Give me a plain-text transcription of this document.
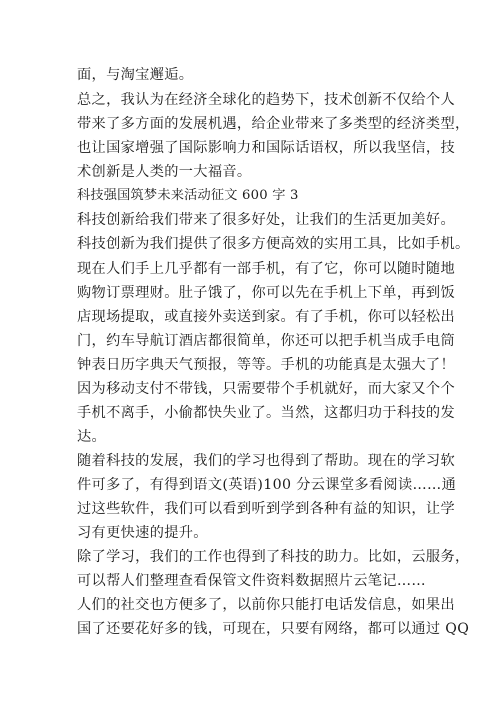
面，与淘宝邂逅。
总之，我认为在经济全球化的趋势下，技术创新不仅给个人
带来了多方面的发展机遇，给企业带来了多类型的经济类型，
也让国家增强了国际影响力和国际话语权，所以我坚信，技
术创新是人类的一大福音。
科技强国筑梦未来活动征文 600 字 3
科技创新给我们带来了很多好处，让我们的生活更加美好。
科技创新为我们提供了很多方便高效的实用工具，比如手机。
现在人们手上几乎都有一部手机，有了它，你可以随时随地
购物订票理财。肚子饿了，你可以先在手机上下单，再到饭
店现场提取，或直接外卖送到家。有了手机，你可以轻松出
门，约车导航订酒店都很简单，你还可以把手机当成手电筒
钟表日历字典天气预报，等等。手机的功能真是太强大了！
因为移动支付不带钱，只需要带个手机就好，而大家又个个
手机不离手，小偷都快失业了。当然，这都归功于科技的发
达。
随着科技的发展，我们的学习也得到了帮助。现在的学习软
件可多了，有得到语文(英语)100 分云课堂多看阅读……通
过这些软件，我们可以看到听到学到各种有益的知识，让学
习有更快速的提升。
除了学习，我们的工作也得到了科技的助力。比如，云服务，
可以帮人们整理查看保管文件资料数据照片云笔记……
人们的社交也方便多了，以前你只能打电话发信息，如果出
国了还要花好多的钱，可现在，只要有网络，都可以通过 QQ
